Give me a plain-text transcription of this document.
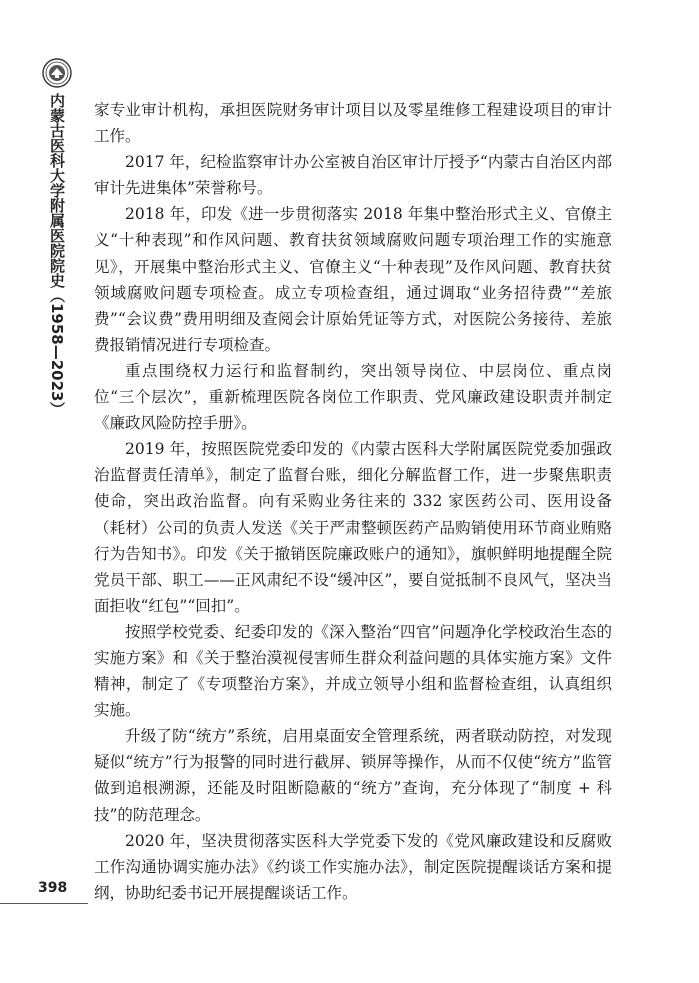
内蒙古医科大学附属医院院史（1958—2023）
398

家专业审计机构，承担医院财务审计项目以及零星维修工程建设项目的审计工作。

2017 年，纪检监察审计办公室被自治区审计厅授予“内蒙古自治区内部审计先进集体”荣誉称号。

2018 年，印发《进一步贯彻落实 2018 年集中整治形式主义、官僚主义“十种表现”和作风问题、教育扶贫领域腐败问题专项治理工作的实施意见》，开展集中整治形式主义、官僚主义“十种表现”及作风问题、教育扶贫领域腐败问题专项检查。成立专项检查组，通过调取“业务招待费”“差旅费”“会议费”费用明细及查阅会计原始凭证等方式，对医院公务接待、差旅费报销情况进行专项检查。

重点围绕权力运行和监督制约，突出领导岗位、中层岗位、重点岗位“三个层次”，重新梳理医院各岗位工作职责、党风廉政建设职责并制定《廉政风险防控手册》。

2019 年，按照医院党委印发的《内蒙古医科大学附属医院党委加强政治监督责任清单》，制定了监督台账，细化分解监督工作，进一步聚焦职责使命，突出政治监督。向有采购业务往来的 332 家医药公司、医用设备（耗材）公司的负责人发送《关于严肃整顿医药产品购销使用环节商业贿赂行为告知书》。印发《关于撤销医院廉政账户的通知》，旗帜鲜明地提醒全院党员干部、职工——正风肃纪不设“缓冲区”，要自觉抵制不良风气，坚决当面拒收“红包”“回扣”。

按照学校党委、纪委印发的《深入整治“四官”问题净化学校政治生态的实施方案》和《关于整治漠视侵害师生群众利益问题的具体实施方案》文件精神，制定了《专项整治方案》，并成立领导小组和监督检查组，认真组织实施。

升级了防“统方”系统，启用桌面安全管理系统，两者联动防控，对发现疑似“统方”行为报警的同时进行截屏、锁屏等操作，从而不仅使“统方”监管做到追根溯源，还能及时阻断隐蔽的“统方”查询，充分体现了“制度 + 科技”的防范理念。

2020 年，坚决贯彻落实医科大学党委下发的《党风廉政建设和反腐败工作沟通协调实施办法》《约谈工作实施办法》，制定医院提醒谈话方案和提纲，协助纪委书记开展提醒谈话工作。
